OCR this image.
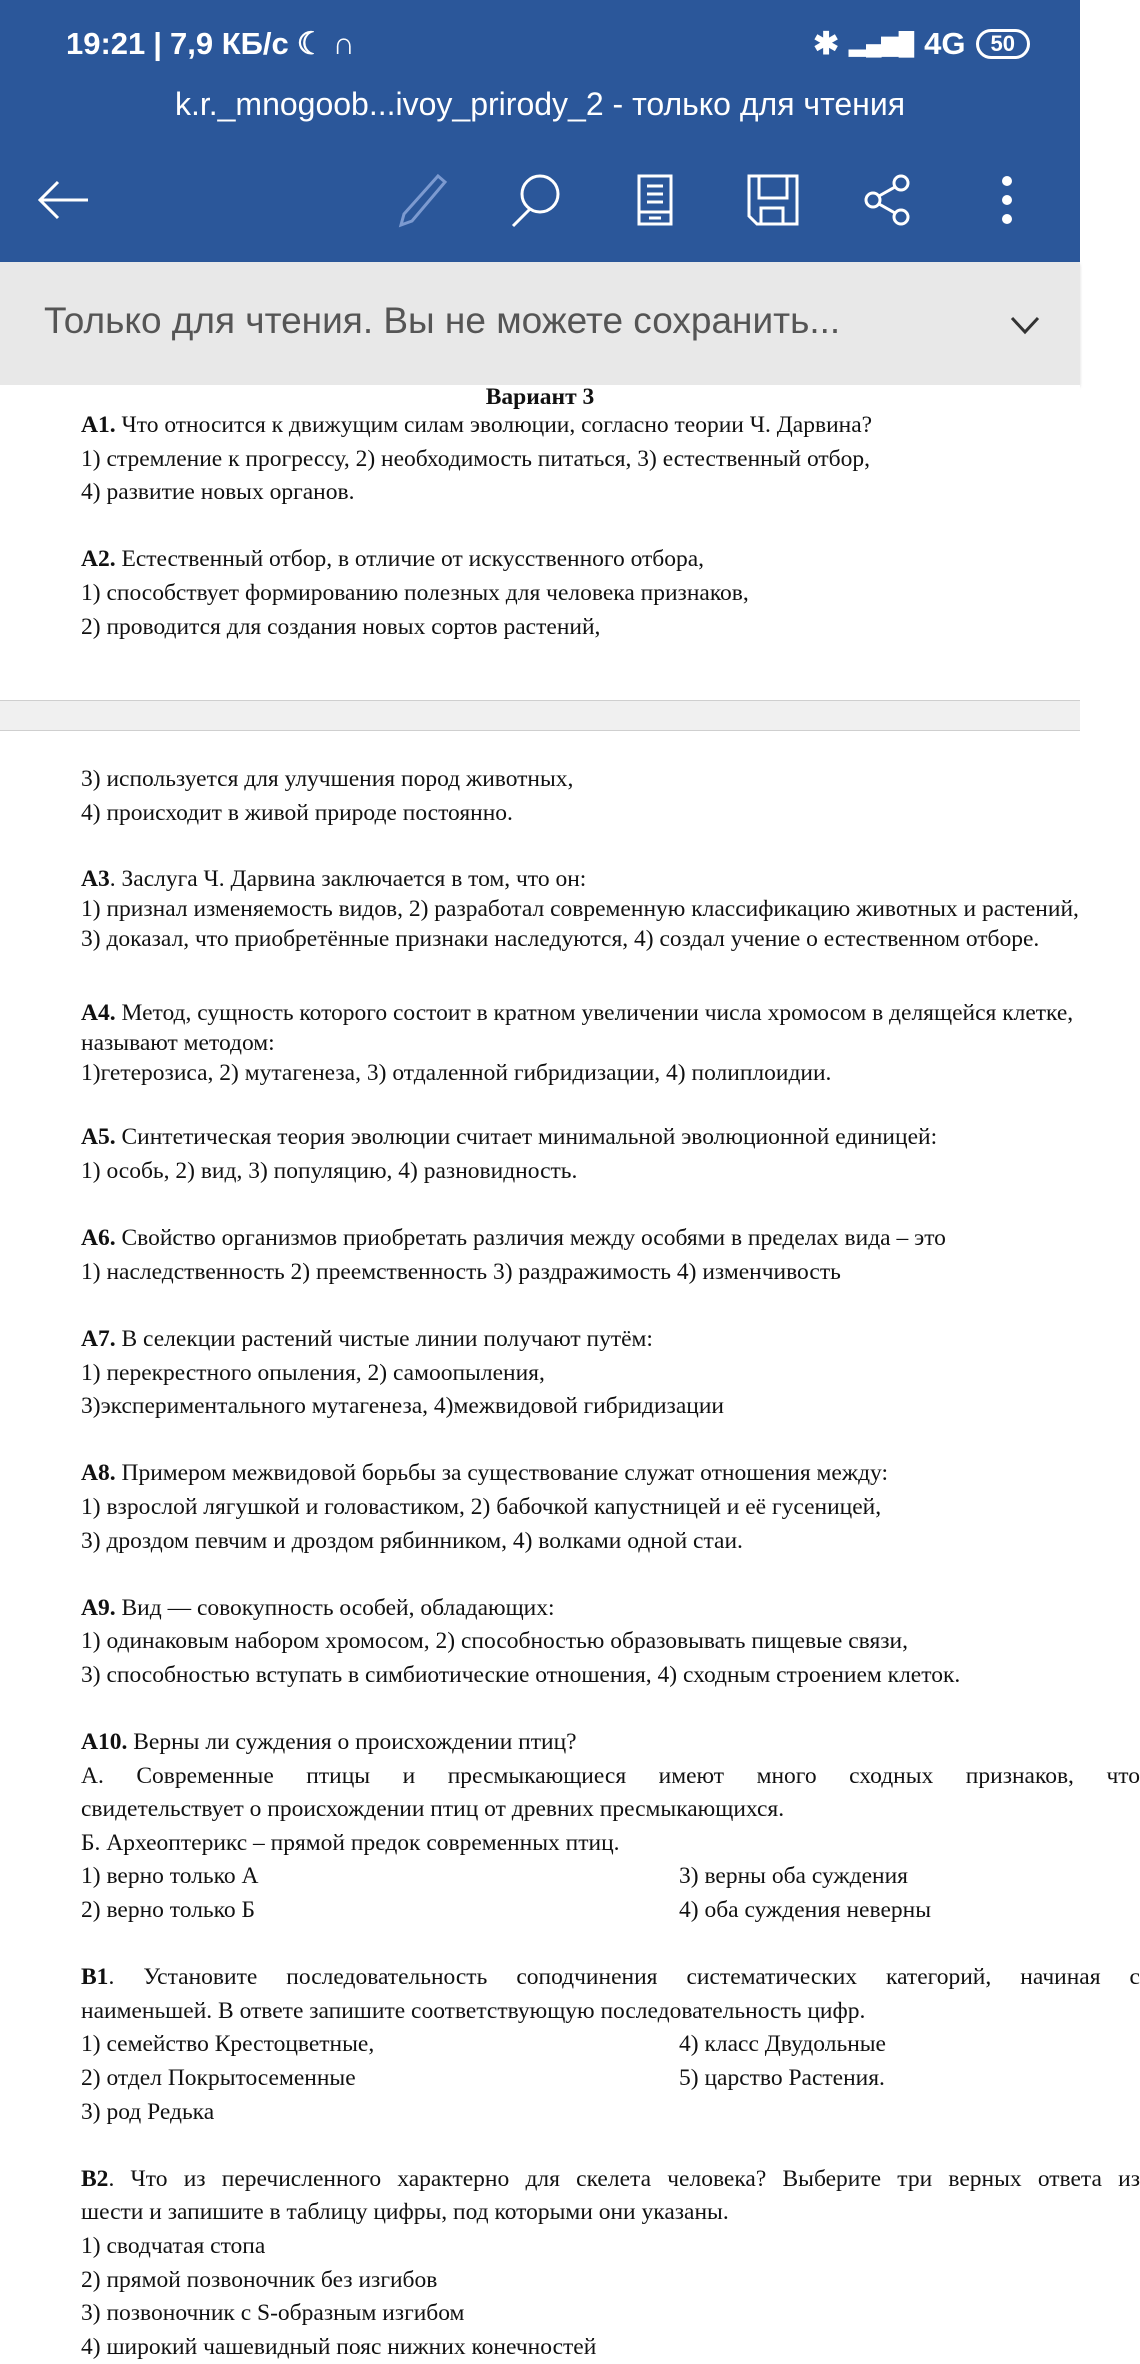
19:21 | 7,9 КБ/с ☾ ∩	✱ ▂▄▆█ 4G	50
k.r._mnogoob...ivoy_prirody_2 - только для чтения
Только для чтения. Вы не можете сохранить...
Вариант 3
А1. Что относится к движущим силам эволюции, согласно теории Ч. Дарвина?
1) стремление к прогрессу, 2) необходимость питаться, 3) естественный отбор,
4) развитие новых органов.
А2. Естественный отбор, в отличие от искусственного отбора,
1) способствует формированию полезных для человека признаков,
2) проводится для создания новых сортов растений,
3) используется для улучшения пород животных,
4) происходит в живой природе постоянно.
А3. Заслуга Ч. Дарвина заключается в том, что он:
1) признал изменяемость видов, 2) разработал современную классификацию животных и растений,
3) доказал, что приобретённые признаки наследуются, 4) создал учение о естественном отборе.
А4. Метод, сущность которого состоит в кратном увеличении числа хромосом в делящейся клетке,
называют методом:
1)гетерозиса, 2) мутагенеза, 3) отдаленной гибридизации, 4) полиплоидии.
А5. Синтетическая теория эволюции считает минимальной эволюционной единицей:
1) особь, 2) вид, 3) популяцию, 4) разновидность.
А6. Свойство организмов приобретать различия между особями в пределах вида – это
1) наследственность 2) преемственность 3) раздражимость 4) изменчивость
А7. В селекции растений чистые линии получают путём:
1) перекрестного опыления, 2) самоопыления,
3)экспериментального мутагенеза, 4)межвидовой гибридизации
А8. Примером межвидовой борьбы за существование служат отношения между:
1) взрослой лягушкой и головастиком, 2) бабочкой капустницей и её гусеницей,
3) дроздом певчим и дроздом рябинником, 4) волками одной стаи.
А9. Вид — совокупность особей, обладающих:
1) одинаковым набором хромосом, 2) способностью образовывать пищевые связи,
3) способностью вступать в симбиотические отношения, 4) сходным строением клеток.
А10. Верны ли суждения о происхождении птиц?
А. Современные птицы и пресмыкающиеся имеют много сходных признаков, что
свидетельствует о происхождении птиц от древних пресмыкающихся.
Б. Археоптерикс – прямой предок современных птиц.
1) верно только А	3) верны оба суждения
2) верно только Б	4) оба суждения неверны
В1. Установите последовательность соподчинения систематических категорий, начиная с
наименьшей. В ответе запишите соответствующую последовательность цифр.
1) семейство Крестоцветные,	4) класс Двудольные
2) отдел Покрытосеменные	5) царство Растения.
3) род Редька
В2. Что из перечисленного характерно для скелета человека? Выберите три верных ответа из
шести и запишите в таблицу цифры, под которыми они указаны.
1) сводчатая стопа
2) прямой позвоночник без изгибов
3) позвоночник с S-образным изгибом
4) широкий чашевидный пояс нижних конечностей
